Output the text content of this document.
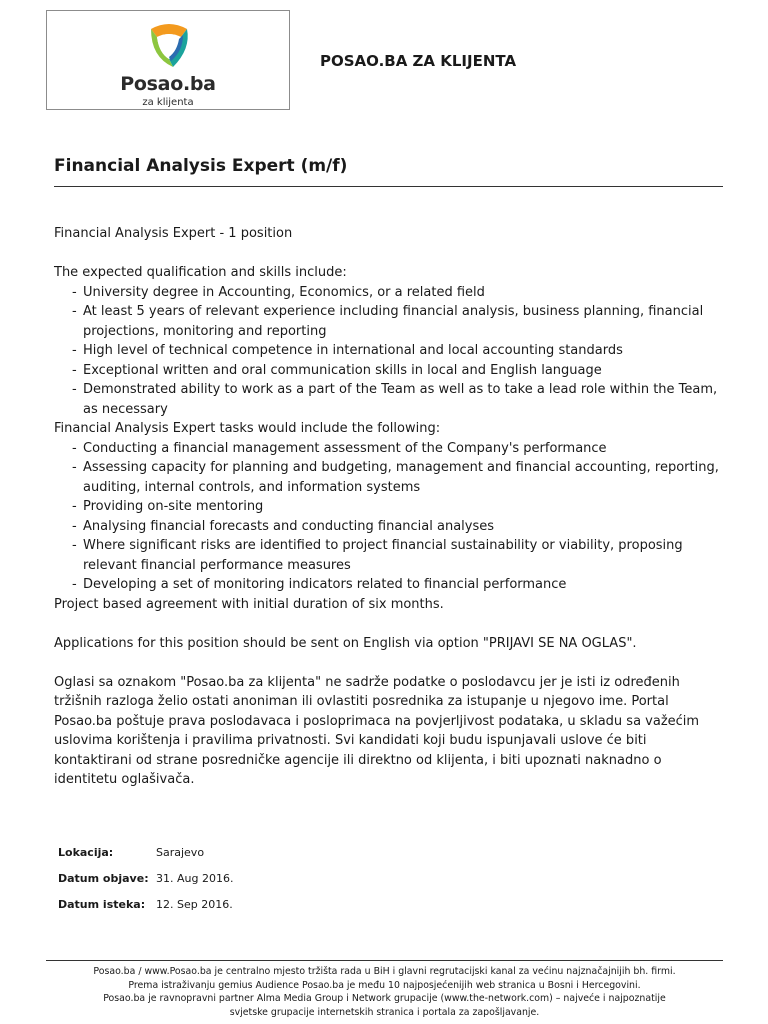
Posao.ba
za klijenta
POSAO.BA ZA KLIJENTA
Financial Analysis Expert (m/f)

Financial Analysis Expert - 1 position

The expected qualification and skills include:

- University degree in Accounting, Economics, or a related field
- At least 5 years of relevant experience including financial analysis, business planning, financial projections, monitoring and reporting
- High level of technical competence in international and local accounting standards
- Exceptional written and oral communication skills in local and English language
- Demonstrated ability to work as a part of the Team as well as to take a lead role within the Team, as necessary

Financial Analysis Expert tasks would include the following:

- Conducting a financial management assessment of the Company's performance
- Assessing capacity for planning and budgeting, management and financial accounting, reporting, auditing, internal controls, and information systems
- Providing on-site mentoring
- Analysing financial forecasts and conducting financial analyses
- Where significant risks are identified to project financial sustainability or viability, proposing relevant financial performance measures
- Developing a set of monitoring indicators related to financial performance

Project based agreement with initial duration of six months.

Applications for this position should be sent on English via option "PRIJAVI SE NA OGLAS".

Oglasi sa oznakom "Posao.ba za klijenta" ne sadrže podatke o poslodavcu jer je isti iz određenih tržišnih razloga želio ostati anoniman ili ovlastiti posrednika za istupanje u njegovo ime. Portal Posao.ba poštuje prava poslodavaca i posloprimaca na povjerljivost podataka, u skladu sa važećim uslovima korištenja i pravilima privatnosti. Svi kandidati koji budu ispunjavali uslove će biti kontaktirani od strane posredničke agencije ili direktno od klijenta, i biti upoznati naknadno o identitetu oglašivača.

Lokacija:	Sarajevo
Datum objave: 31. Aug 2016.
Datum isteka: 12. Sep 2016.
Posao.ba / www.Posao.ba je centralno mjesto tržišta rada u BiH i glavni regrutacijski kanal za većinu najznačajnijih bh. firmi.
Prema istraživanju gemius Audience Posao.ba je među 10 najposjećenijih web stranica u Bosni i Hercegovini.
Posao.ba je ravnopravni partner Alma Media Group i Network grupacije (www.the-network.com) – najveće i najpoznatije
svjetske grupacije internetskih stranica i portala za zapošljavanje.
